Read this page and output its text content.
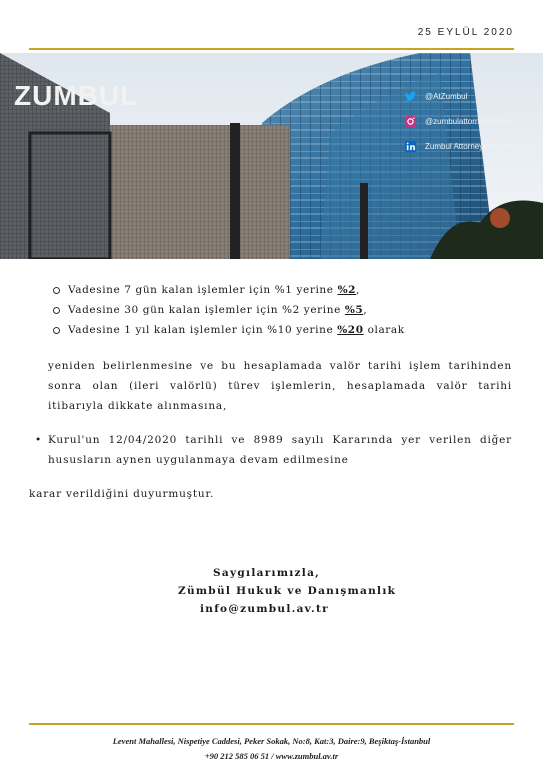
25 EYLÜL 2020
ZUMBUL	@AtZumbul
@zumbulattorneysatlaw
Zumbul Attorneys At Law
Vadesine 7 gün kalan işlemler için %1 yerine %2,
Vadesine 30 gün kalan işlemler için %2 yerine %5,
Vadesine 1 yıl kalan işlemler için %10 yerine %20 olarak
yeniden belirlenmesine ve bu hesaplamada valör tarihi işlem tarihinden sonra olan (ileri valörlü) türev işlemlerin, hesaplamada valör tarihi itibarıyla dikkate alınmasına,
• Kurul'un 12/04/2020 tarihli ve 8989 sayılı Kararında yer verilen diğer hususların aynen uygulanmaya devam edilmesine
karar verildiğini duyurmuştur.
Saygılarımızla,
Zümbül Hukuk ve Danışmanlık
info@zumbul.av.tr
Levent Mahallesi, Nispetiye Caddesi, Peker Sokak, No:8, Kat:3, Daire:9, Beşiktaş-İstanbul
+90 212 585 06 51 / www.zumbul.av.tr
